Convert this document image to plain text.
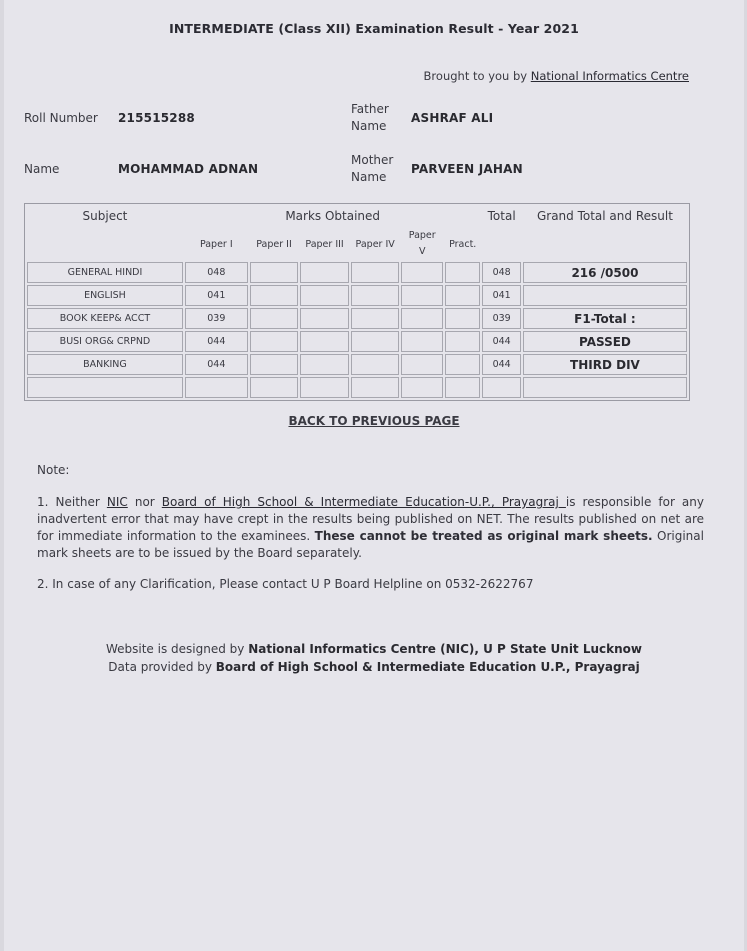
INTERMEDIATE (Class XII) Examination Result - Year 2021
Brought to you by National Informatics Centre
Roll Number 215515288
Father
Name
ASHRAF ALI
Name	MOHAMMAD ADNAN
Mother
Name
PARVEEN JAHAN
Subject	Marks Obtained						Total	Grand Total and Result
	Paper I	Paper II	Paper III	Paper IV	Paper V	Pract.		
GENERAL HINDI	048						048	216 /0500
ENGLISH	041						041	
BOOK KEEP& ACCT	039						039	F1-Total :
BUSI ORG& CRPND	044						044	PASSED
BANKING	044						044	THIRD DIV

BACK TO PREVIOUS PAGE
Note:
1. Neither NIC nor Board of High School & Intermediate Education-U.P., Prayagraj is responsible for any inadvertent error that may have crept in the results being published on NET. The results published on net are for immediate information to the examinees. These cannot be treated as original mark sheets. Original mark sheets are to be issued by the Board separately.
2. In case of any Clarification, Please contact U P Board Helpline on 0532-2622767
Website is designed by National Informatics Centre (NIC), U P State Unit Lucknow
Data provided by Board of High School & Intermediate Education U.P., Prayagraj
